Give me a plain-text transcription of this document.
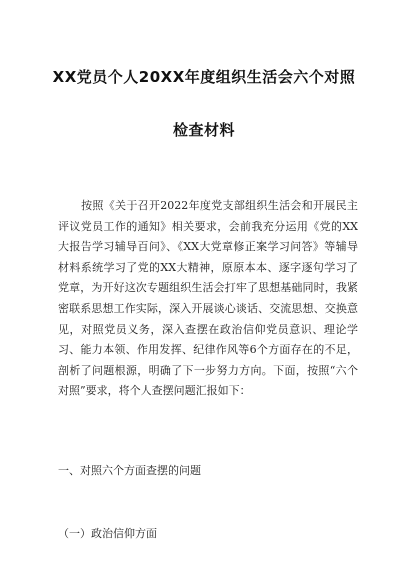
XX党员个人20XX年度组织生活会六个对照
检查材料

按照《关于召开2022年度党支部组织生活会和开展民主评议党员工作的通知》相关要求，会前我充分运用《党的XX大报告学习辅导百问》、《XX大党章修正案学习问答》等辅导材料系统学习了党的XX大精神，原原本本、逐字逐句学习了党章，为开好这次专题组织生活会打牢了思想基础同时，我紧密联系思想工作实际，深入开展谈心谈话、交流思想、交换意见，对照党员义务，深入查摆在政治信仰党员意识、理论学习、能力本领、作用发挥、纪律作风等6个方面存在的不足，剖析了问题根源，明确了下一步努力方向。下面，按照“六个对照”要求，将个人查摆问题汇报如下：

一、对照六个方面查摆的问题
（一）政治信仰方面
